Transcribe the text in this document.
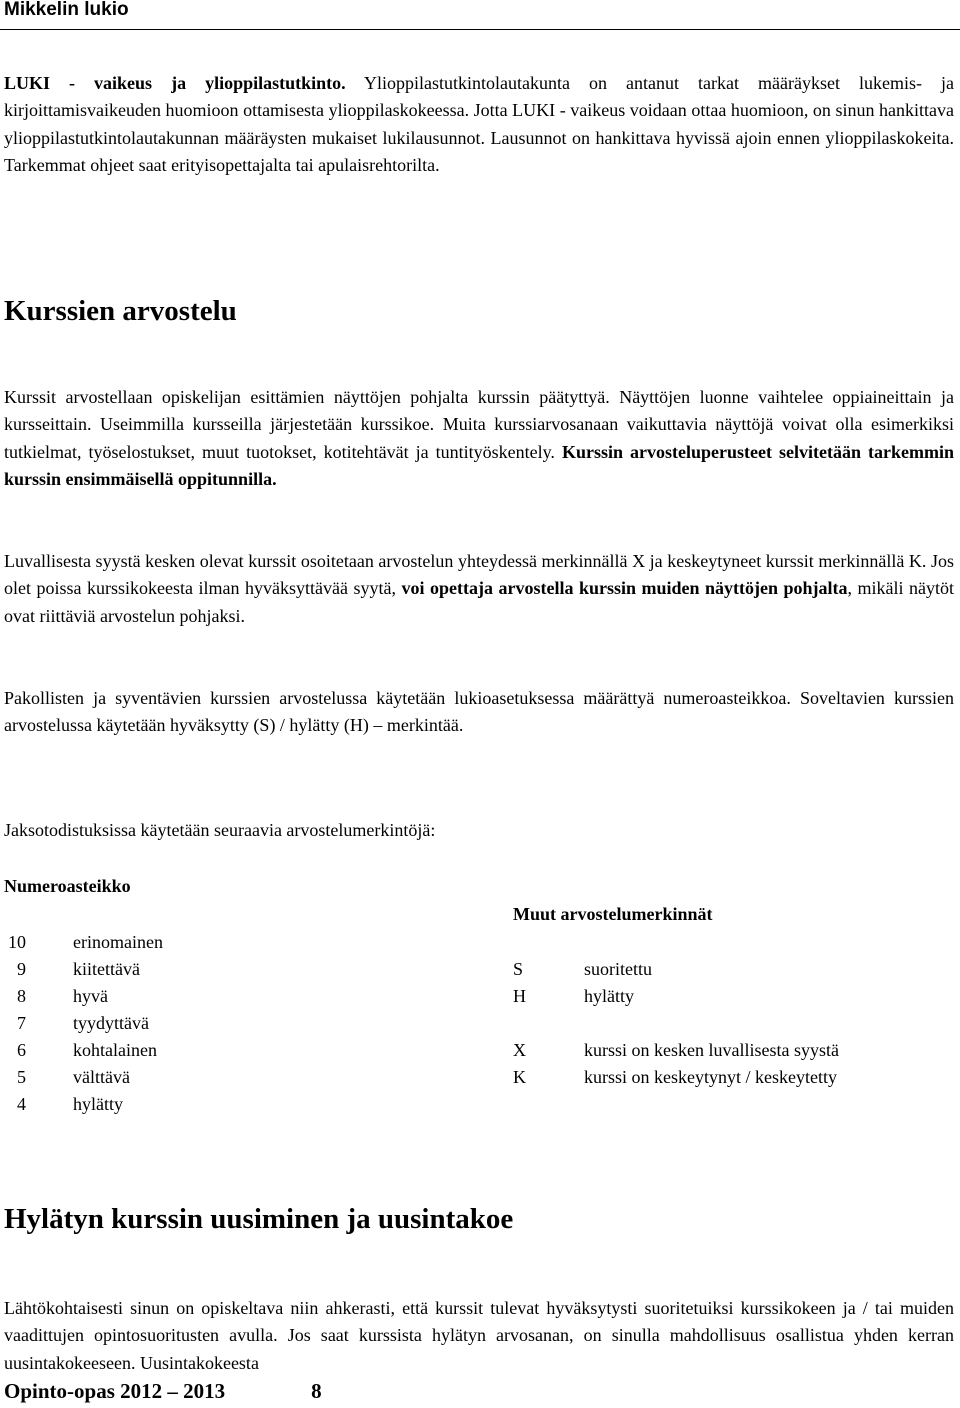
Mikkelin lukio

LUKI - vaikeus ja ylioppilastutkinto. Ylioppilastutkintolautakunta on antanut tarkat määräykset lukemis- ja kirjoittamisvaikeuden huomioon ottamisesta ylioppilaskokeessa. Jotta LUKI - vaikeus voidaan ottaa huomioon, on sinun hankittava ylioppilastutkintolautakunnan määräysten mukaiset lukilausunnot. Lausunnot on hankittava hyvissä ajoin ennen ylioppilaskokeita. Tarkemmat ohjeet saat erityisopettajalta tai apulaisrehtorilta.

Kurssien arvostelu

Kurssit arvostellaan opiskelijan esittämien näyttöjen pohjalta kurssin päätyttyä. Näyttöjen luonne vaihtelee oppiaineittain ja kursseittain. Useimmilla kursseilla järjestetään kurssikoe. Muita kurssiarvosanaan vaikuttavia näyttöjä voivat olla esimerkiksi tutkielmat, työselostukset, muut tuotokset, kotitehtävät ja tuntityöskentely. Kurssin arvosteluperusteet selvitetään tarkemmin kurssin ensimmäisellä oppitunnilla.

Luvallisesta syystä kesken olevat kurssit osoitetaan arvostelun yhteydessä merkinnällä X ja keskeytyneet kurssit merkinnällä K. Jos olet poissa kurssikokeesta ilman hyväksyttävää syytä, voi opettaja arvostella kurssin muiden näyttöjen pohjalta, mikäli näytöt ovat riittäviä arvostelun pohjaksi.

Pakollisten ja syventävien kurssien arvostelussa käytetään lukioasetuksessa määrättyä numeroasteikkoa. Soveltavien kurssien arvostelussa käytetään hyväksytty (S) / hylätty (H) – merkintää.

Jaksotodistuksissa käytetään seuraavia arvostelumerkintöjä:

Numeroasteikko
Muut arvostelumerkinnät
10	erinomainen
9	kiitettävä	S	suoritettu
8	hyvä	H	hylätty
7	tyydyttävä
6	kohtalainen	X	kurssi on kesken luvallisesta syystä
5	välttävä	K	kurssi on keskeytynyt / keskeytetty
4	hylätty
Hylätyn kurssin uusiminen ja uusintakoe

Lähtökohtaisesti sinun on opiskeltava niin ahkerasti, että kurssit tulevat hyväksytysti suoritetuiksi kurssikokeen ja / tai muiden vaadittujen opintosuoritusten avulla. Jos saat kurssista hylätyn arvosanan, on sinulla mahdollisuus osallistua yhden kerran uusintakokeeseen. Uusintakokeesta

Opinto-opas 2012 – 2013	8
